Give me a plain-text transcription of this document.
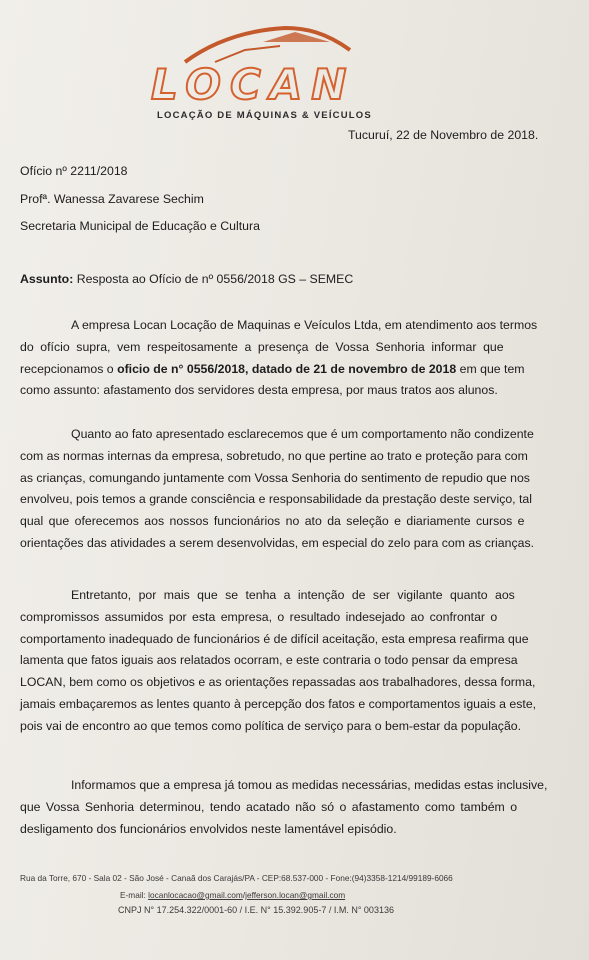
LOCAN
LOCAÇÃO DE MÁQUINAS & VEÍCULOS
Tucuruí, 22 de Novembro de 2018.
Ofício nº 2211/2018
Profª. Wanessa Zavarese Sechim
Secretaria Municipal de Educação e Cultura
Assunto: Resposta ao Ofício de nº 0556/2018 GS – SEMEC
A empresa Locan Locação de Maquinas e Veículos Ltda, em atendimento aos termos
do ofício supra, vem respeitosamente a presença de Vossa Senhoria informar que
recepcionamos o oficio de n° 0556/2018, datado de 21 de novembro de 2018 em que tem
como assunto: afastamento dos servidores desta empresa, por maus tratos aos alunos.
Quanto ao fato apresentado esclarecemos que é um comportamento não condizente
com as normas internas da empresa, sobretudo, no que pertine ao trato e proteção para com
as crianças, comungando juntamente com Vossa Senhoria do sentimento de repudio que nos
envolveu, pois temos a grande consciência e responsabilidade da prestação deste serviço, tal
qual que oferecemos aos nossos funcionários no ato da seleção e diariamente cursos e
orientações das atividades a serem desenvolvidas, em especial do zelo para com as crianças.
Entretanto, por mais que se tenha a intenção de ser vigilante quanto aos
compromissos assumidos por esta empresa, o resultado indesejado ao confrontar o
comportamento inadequado de funcionários é de difícil aceitação, esta empresa reafirma que
lamenta que fatos iguais aos relatados ocorram, e este contraria o todo pensar da empresa
LOCAN, bem como os objetivos e as orientações repassadas aos trabalhadores, dessa forma,
jamais embaçaremos as lentes quanto à percepção dos fatos e comportamentos iguais a este,
pois vai de encontro ao que temos como política de serviço para o bem-estar da população.
Informamos que a empresa já tomou as medidas necessárias, medidas estas inclusive,
que Vossa Senhoria determinou, tendo acatado não só o afastamento como também o
desligamento dos funcionários envolvidos neste lamentável episódio.
Rua da Torre, 670 - Sala 02 - São José - Canaã dos Carajás/PA - CEP:68.537-000 - Fone:(94)3358-1214/99189-6066
E-mail: locanlocacao@gmail.com/jefferson.locan@gmail.com
CNPJ N° 17.254.322/0001-60 / I.E. N° 15.392.905-7 / I.M. N° 003136
